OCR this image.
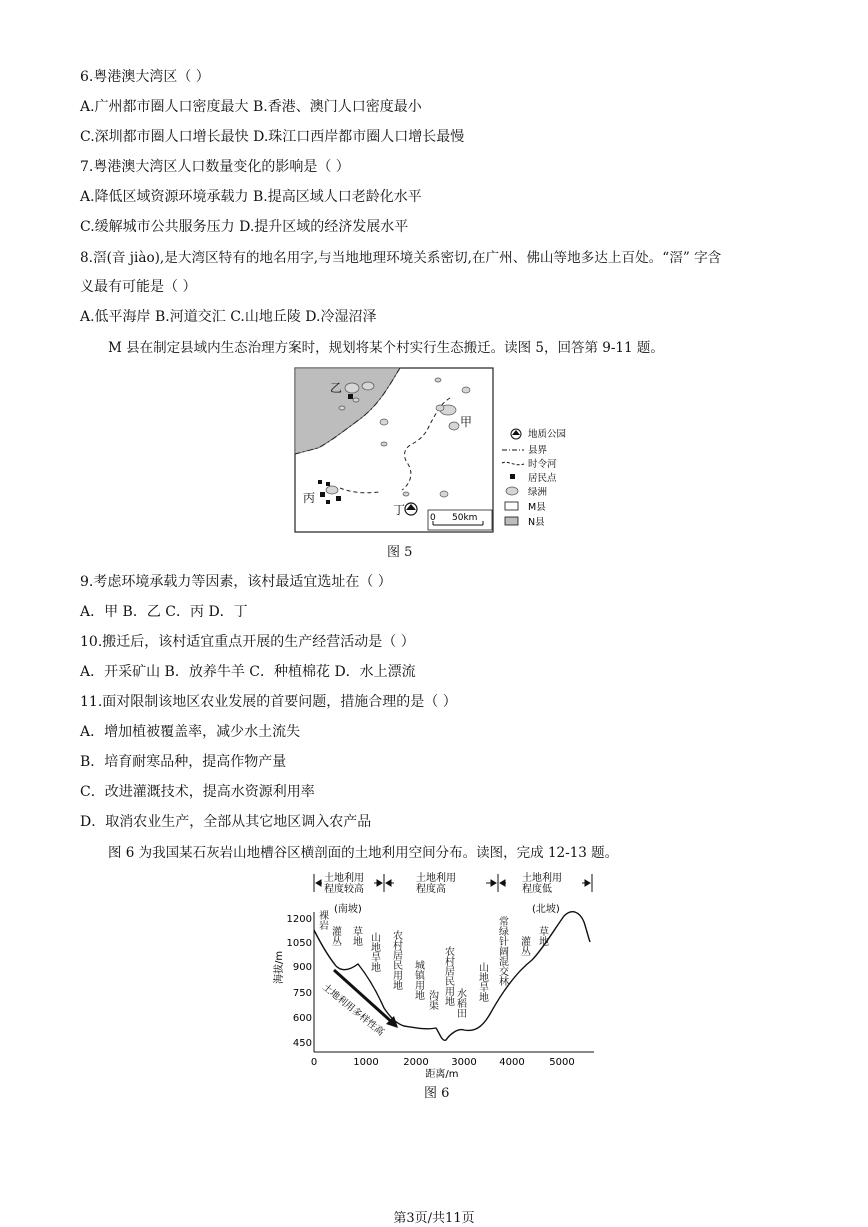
6.粤港澳大湾区（ ）
A.广州都市圈人口密度最大 B.香港、澳门人口密度最小
C.深圳都市圈人口增长最快 D.珠江口西岸都市圈人口增长最慢
7.粤港澳大湾区人口数量变化的影响是（ ）
A.降低区域资源环境承载力 B.提高区域人口老龄化水平
C.缓解城市公共服务压力 D.提升区域的经济发展水平
8.滘(音 jiào),是大湾区特有的地名用字,与当地地理环境关系密切,在广州、佛山等地多达上百处。“滘” 字含
义最有可能是（ ）
A.低平海岸 B.河道交汇 C.山地丘陵 D.冷湿沼泽
M 县在制定县域内生态治理方案时，规划将某个村实行生态搬迁。读图 5，回答第 9-11 题。
乙
甲
丙
丁
0 50km
地质公园
县界
时令河
居民点
绿洲
M县
N县
图 5
9.考虑环境承载力等因素，该村最适宜选址在（ ）
A．甲 B．乙 C．丙 D．丁
10.搬迁后，该村适宜重点开展的生产经营活动是（ ）
A．开采矿山 B．放养牛羊 C．种植棉花 D．水上漂流
11.面对限制该地区农业发展的首要问题，措施合理的是（ ）
A．增加植被覆盖率，减少水土流失
B．培育耐寒品种，提高作物产量
C．改进灌溉技术，提高水资源利用率
D．取消农业生产，全部从其它地区调入农产品
图 6 为我国某石灰岩山地槽谷区横剖面的土地利用空间分布。读图，完成 12-13 题。
土地利用
程度较高
土地利用
程度高
土地利用
程度低
(南坡)	(北坡)
1200
1050
900
750
600
450
海拔/m
0	1000 2000 3000 4000 5000
距离/m
土地利用多样性高
裸岩
灌丛 草地 山地旱地 农村居民用地 城镇用地 沟渠 农村居民用地 水稻田
山地旱地 常绿针阔混交林 灌丛 草地
图 6
第3页/共11页
